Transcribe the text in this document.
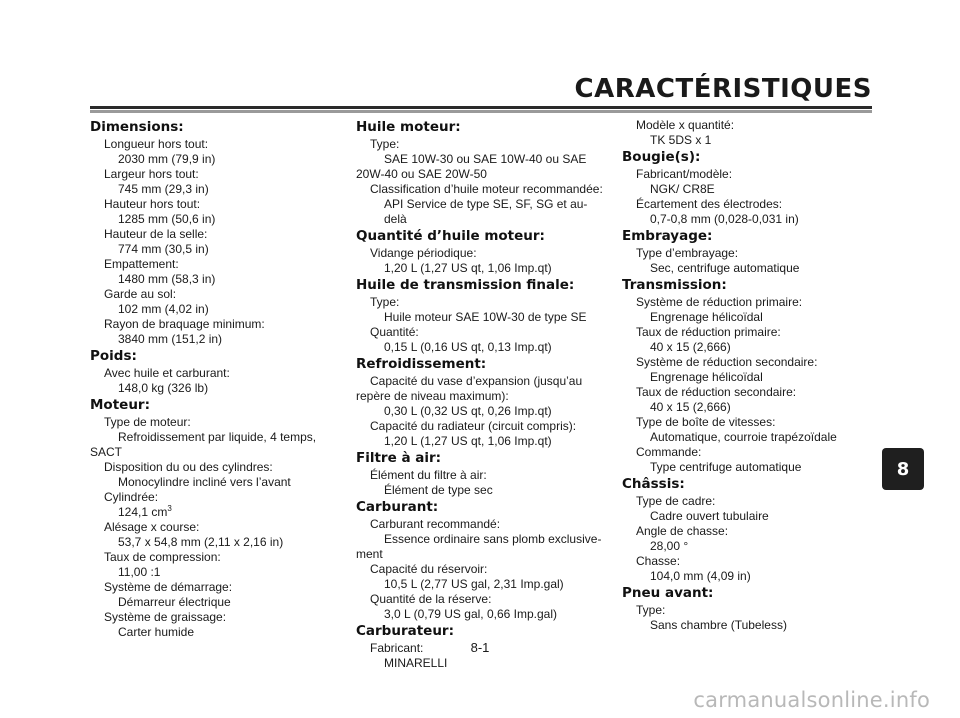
CARACTÉRISTIQUES
Dimensions:
Longueur hors tout:
2030 mm (79,9 in)
Largeur hors tout:
745 mm (29,3 in)
Hauteur hors tout:
1285 mm (50,6 in)
Hauteur de la selle:
774 mm (30,5 in)
Empattement:
1480 mm (58,3 in)
Garde au sol:
102 mm (4,02 in)
Rayon de braquage minimum:
3840 mm (151,2 in)
Poids:
Avec huile et carburant:
148,0 kg (326 lb)
Moteur:
Type de moteur:
Refroidissement par liquide, 4 temps,
SACT
Disposition du ou des cylindres:
Monocylindre incliné vers l’avant
Cylindrée:
124,1 $cm^3$
Alésage x course:
53,7 x 54,8 mm (2,11 x 2,16 in)
Taux de compression:
11,00 :1
Système de démarrage:
Démarreur électrique
Système de graissage:
Carter humide
Huile moteur:
Type:
SAE 10W-30 ou SAE 10W-40 ou SAE
20W-40 ou SAE 20W-50
Classification d’huile moteur recommandée:
API Service de type SE, SF, SG et au-delà
Quantité d’huile moteur:
Vidange périodique:
1,20 L (1,27 US qt, 1,06 Imp.qt)
Huile de transmission finale:
Type:
Huile moteur SAE 10W-30 de type SE
Quantité:
0,15 L (0,16 US qt, 0,13 Imp.qt)
Refroidissement:
Capacité du vase d’expansion (jusqu’au
repère de niveau maximum):
0,30 L (0,32 US qt, 0,26 Imp.qt)
Capacité du radiateur (circuit compris):
1,20 L (1,27 US qt, 1,06 Imp.qt)
Filtre à air:
Élément du filtre à air:
Élément de type sec
Carburant:
Carburant recommandé:
Essence ordinaire sans plomb exclusive-
ment
Capacité du réservoir:
10,5 L (2,77 US gal, 2,31 Imp.gal)
Quantité de la réserve:
3,0 L (0,79 US gal, 0,66 Imp.gal)
Carburateur:
Fabricant:
MINARELLI
Modèle x quantité:
TK 5DS x 1
Bougie(s):
Fabricant/modèle:
NGK/ CR8E
Écartement des électrodes:
0,7-0,8 mm (0,028-0,031 in)
Embrayage:
Type d’embrayage:
Sec, centrifuge automatique
Transmission:
Système de réduction primaire:
Engrenage hélicoïdal
Taux de réduction primaire:
40 x 15 (2,666)
Système de réduction secondaire:
Engrenage hélicoïdal
Taux de réduction secondaire:
40 x 15 (2,666)
Type de boîte de vitesses:
Automatique, courroie trapézoïdale
Commande:
Type centrifuge automatique
Châssis:
Type de cadre:
Cadre ouvert tubulaire
Angle de chasse:
28,00 °
Chasse:
104,0 mm (4,09 in)
Pneu avant:
Type:
Sans chambre (Tubeless)
8
8-1
carmanualsonline.info
